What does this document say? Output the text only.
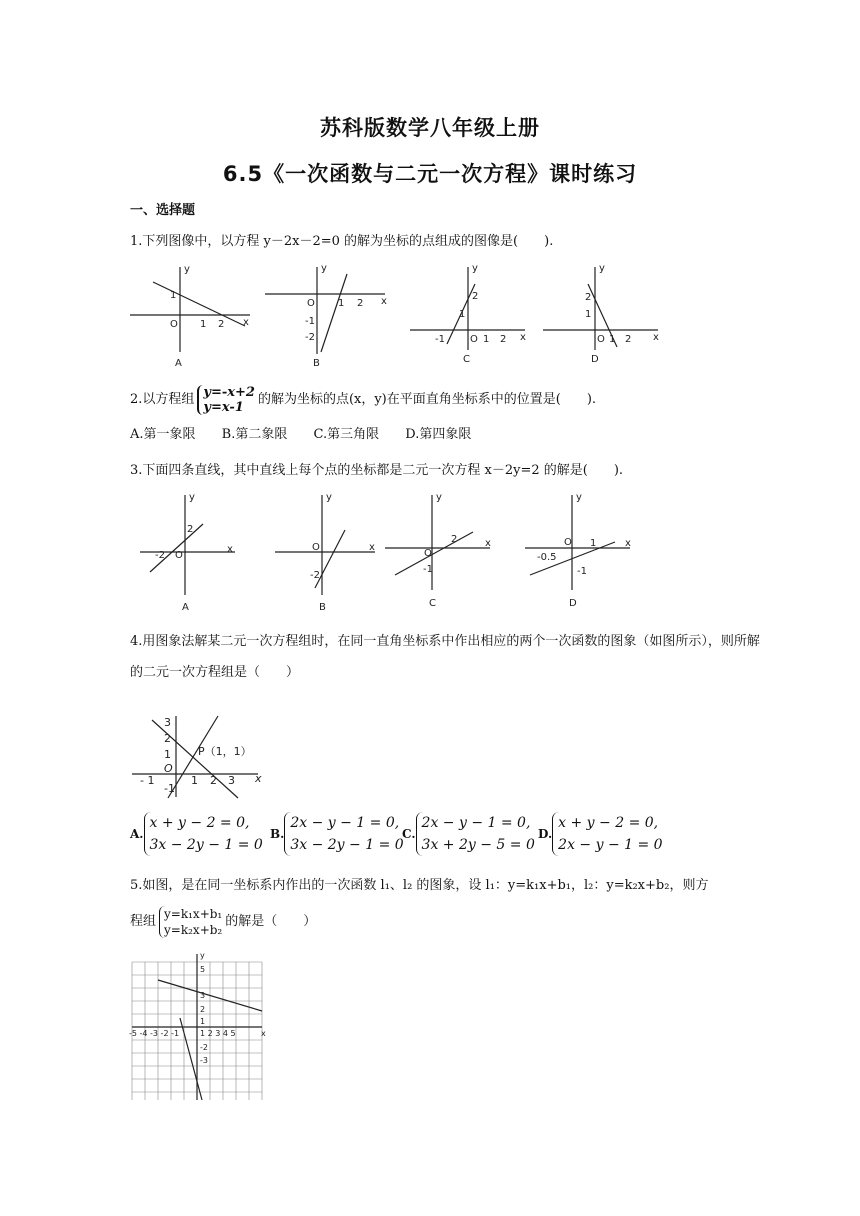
苏科版数学八年级上册
6.5《一次函数与二元一次方程》课时练习
一、选择题
1.下列图像中，以方程 y－2x－2=0 的解为坐标的点组成的图像是(　　).
y
1
O 1 2 x
y
O 1 2 x
-1
-2
y
2
1
-1	O 1 2 x
y
2
1
O 1 2 x
A	B	C	D
2.以方程组 y=-x+2
y=x-1 的解为坐标的点(x，y)在平面直角坐标系中的位置是(　　).
A.第一象限 B.第二象限 C.第三角限 D.第四象限
3.下面四条直线，其中直线上每个点的坐标都是二元一次方程 x－2y=2 的解是(　　).
y
2
-2 O
x
y
O
-2
x
y
O
2
-1
x
y
O 1
-0.5
-1
x
A	B	C	D
4.用图象法解某二元一次方程组时，在同一直角坐标系中作出相应的两个一次函数的图象（如图所示），则所解的二元一次方程组是（　　）
3
2
1
O
- 1
-1
1 2 3 x
P（1，1）
A.x + y − 2 = 0,
3x − 2y − 1 = 0
B.2x − y − 1 = 0,
3x − 2y − 1 = 0
C.2x − y − 1 = 0,
3x + 2y − 5 = 0
D.x + y − 2 = 0,
2x − y − 1 = 0
5.如图，是在同一坐标系内作出的一次函数 l₁、l₂ 的图象，设 l₁：y=k₁x+b₁，l₂：y=k₂x+b₂，则方
程组y=k₁x+b₁
y=k₂x+b₂的解是（　　）
y
5
3
2
1
-2
-3
-5 -4 -3 -2 -1	1 2 3 4 5	x
